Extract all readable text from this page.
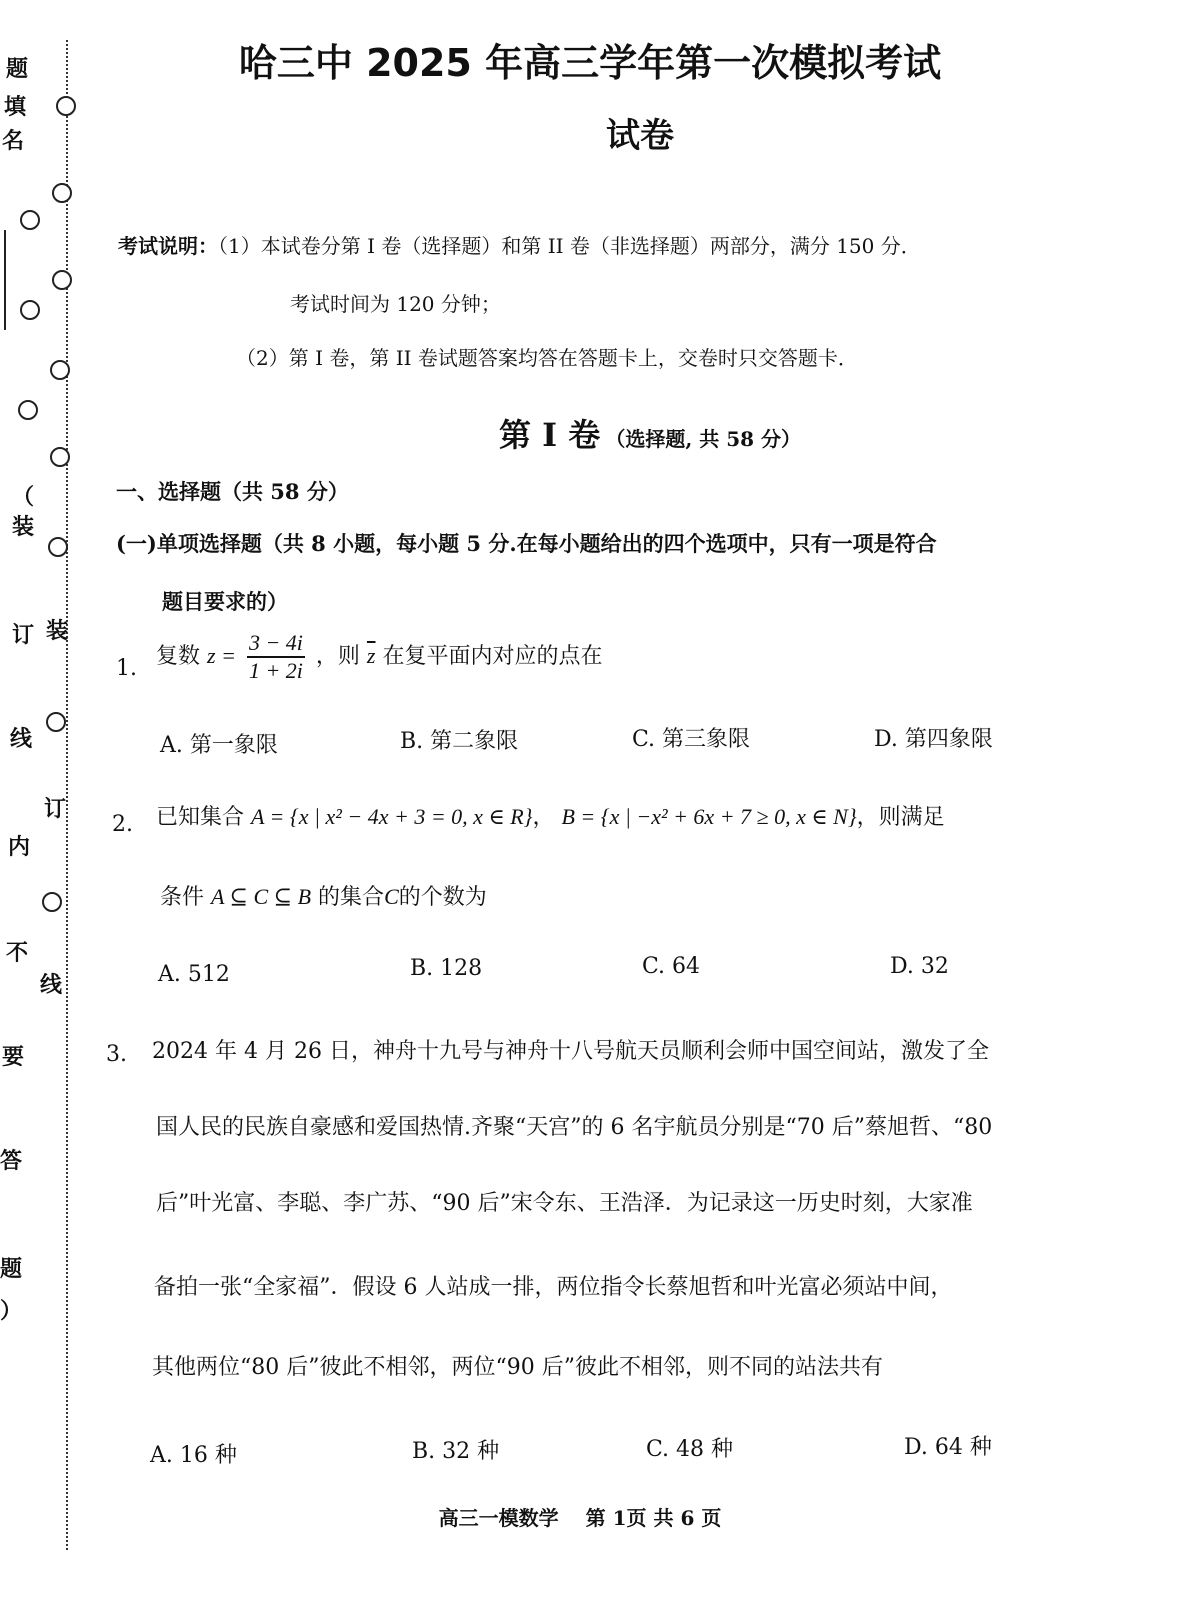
题
填
名
（
装
订
线
内
不
要
答
题
）
装
订
线
哈三中 2025 年高三学年第一次模拟考试
试卷
考试说明：（1）本试卷分第 I 卷（选择题）和第 II 卷（非选择题）两部分，满分 150 分．
考试时间为 120 分钟；
（2）第 I 卷，第 II 卷试题答案均答在答题卡上，交卷时只交答题卡．
第 I 卷 （选择题, 共 58 分）
一、选择题（共 58 分）
(一)单项选择题（共 8 小题，每小题 5 分.在每小题给出的四个选项中，只有一项是符合
题目要求的）
1. 复数 $z = \frac{3 - 4i}{1 + 2i}$ ，则 $\overline{z}$ 在复平面内对应的点在
A. 第一象限	B. 第二象限	C. 第三象限	D. 第四象限
2. 已知集合 A = {x | x² − 4x + 3 = 0, x ∈ R}， B = {x | −x² + 6x + 7 ≥ 0, x ∈ N}，则满足
条件 A ⊆ C ⊆ B 的集合C的个数为
A. 512	B. 128	C. 64	D. 32
3. 2024 年 4 月 26 日，神舟十九号与神舟十八号航天员顺利会师中国空间站，激发了全
国人民的民族自豪感和爱国热情.齐聚“天宫”的 6 名宇航员分别是“70 后”蔡旭哲、“80
后”叶光富、李聪、李广苏、“90 后”宋令东、王浩泽．为记录这一历史时刻，大家准
备拍一张“全家福”．假设 6 人站成一排，两位指令长蔡旭哲和叶光富必须站中间，
其他两位“80 后”彼此不相邻，两位“90 后”彼此不相邻，则不同的站法共有
A. 16 种	B. 32 种	C. 48 种	D. 64 种
高三一模数学　 第 1页 共 6 页
